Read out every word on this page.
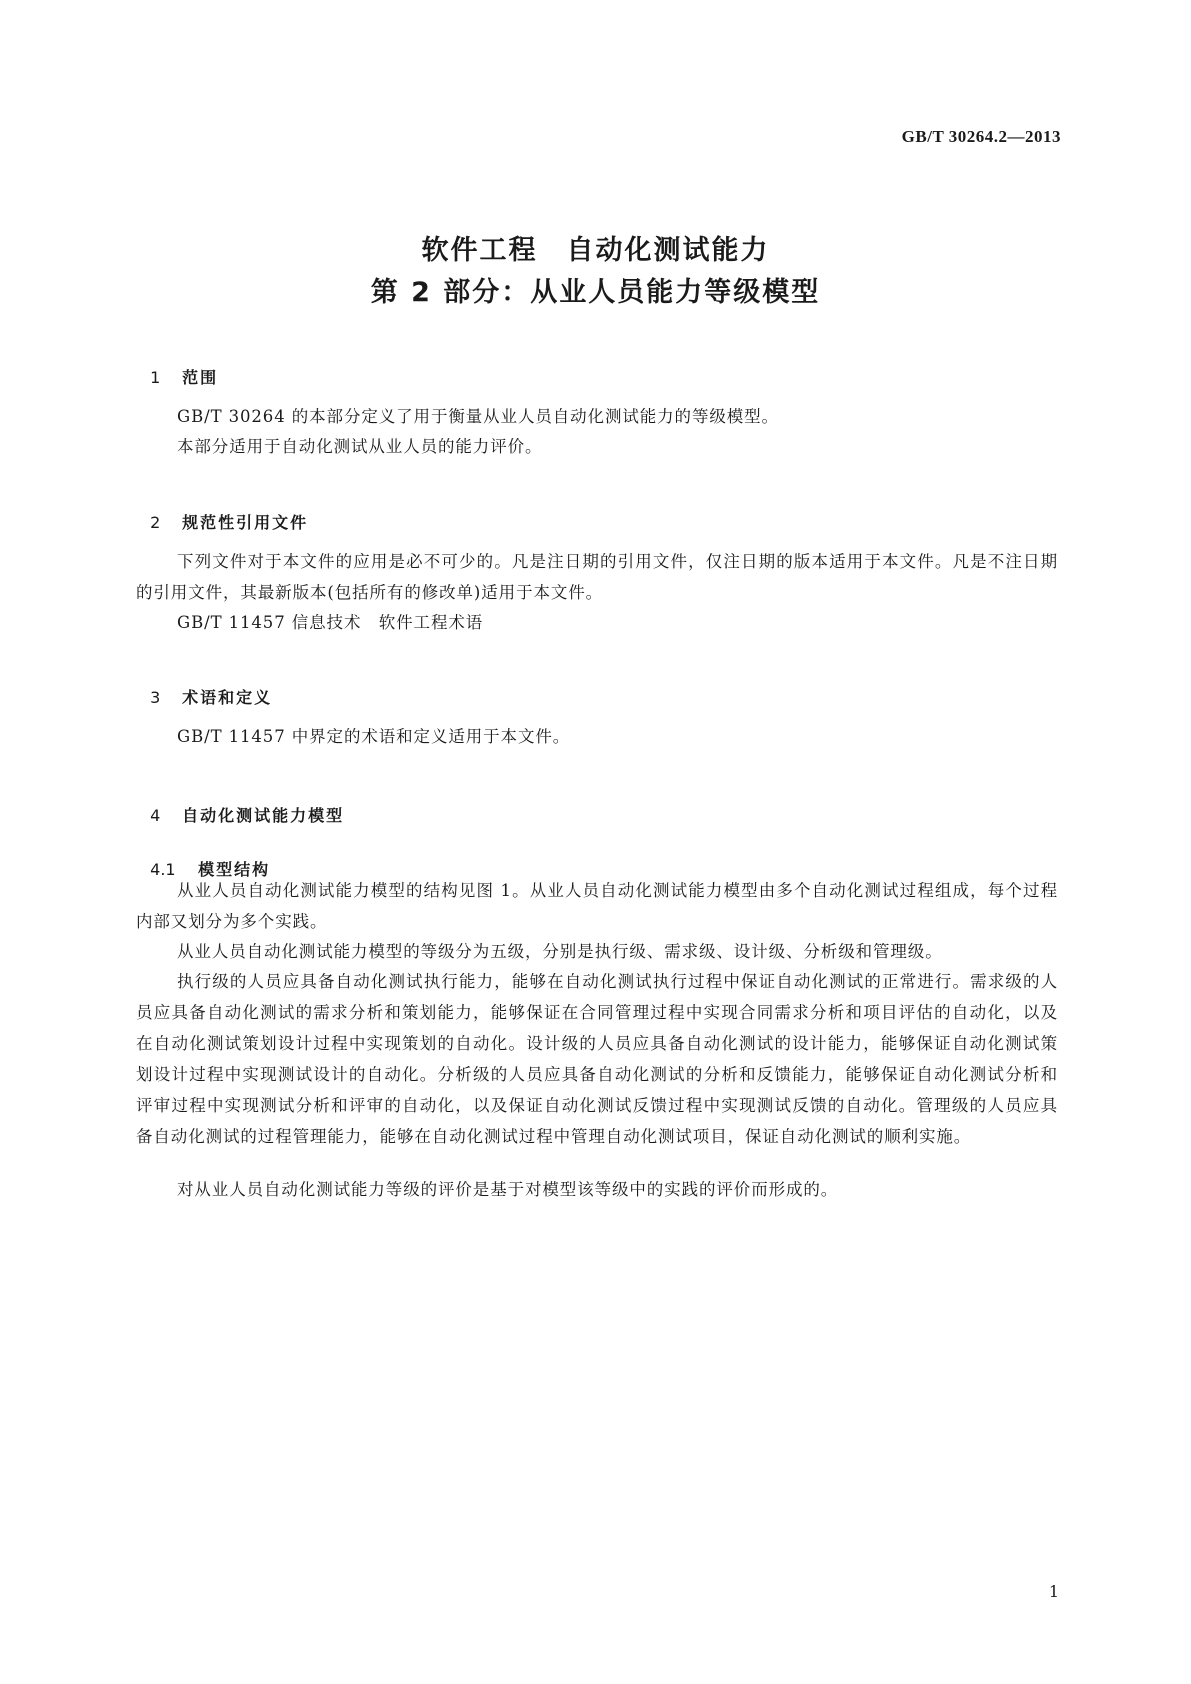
GB/T 30264.2—2013
软件工程　自动化测试能力
第 2 部分：从业人员能力等级模型

1 范围

GB/T 30264 的本部分定义了用于衡量从业人员自动化测试能力的等级模型。

本部分适用于自动化测试从业人员的能力评价。

2 规范性引用文件

下列文件对于本文件的应用是必不可少的。凡是注日期的引用文件，仅注日期的版本适用于本文件。凡是不注日期的引用文件，其最新版本(包括所有的修改单)适用于本文件。

GB/T 11457 信息技术　软件工程术语

3 术语和定义

GB/T 11457 中界定的术语和定义适用于本文件。

4 自动化测试能力模型

4.1 模型结构

从业人员自动化测试能力模型的结构见图 1。从业人员自动化测试能力模型由多个自动化测试过程组成，每个过程内部又划分为多个实践。

从业人员自动化测试能力模型的等级分为五级，分别是执行级、需求级、设计级、分析级和管理级。

执行级的人员应具备自动化测试执行能力，能够在自动化测试执行过程中保证自动化测试的正常进行。需求级的人员应具备自动化测试的需求分析和策划能力，能够保证在合同管理过程中实现合同需求分析和项目评估的自动化，以及在自动化测试策划设计过程中实现策划的自动化。设计级的人员应具备自动化测试的设计能力，能够保证自动化测试策划设计过程中实现测试设计的自动化。分析级的人员应具备自动化测试的分析和反馈能力，能够保证自动化测试分析和评审过程中实现测试分析和评审的自动化，以及保证自动化测试反馈过程中实现测试反馈的自动化。管理级的人员应具备自动化测试的过程管理能力，能够在自动化测试过程中管理自动化测试项目，保证自动化测试的顺利实施。

对从业人员自动化测试能力等级的评价是基于对模型该等级中的实践的评价而形成的。

1
